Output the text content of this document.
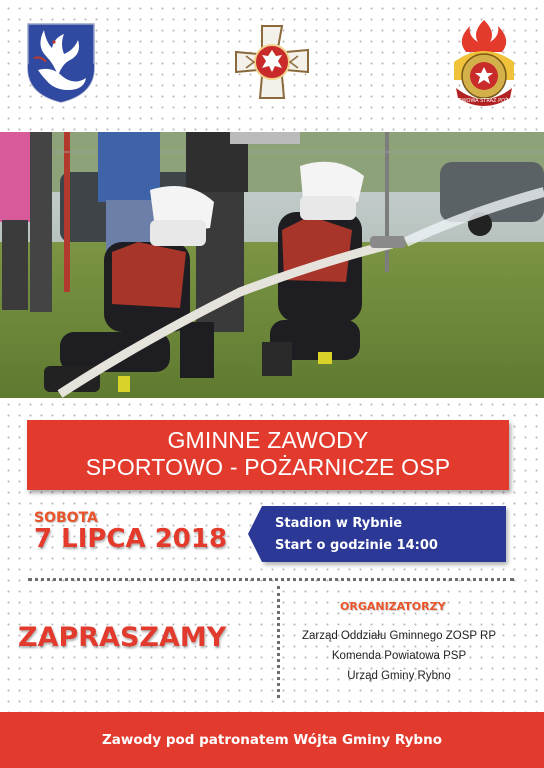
PAŃSTWOWA STRAŻ POŻARNA
GMINNE ZAWODY
SPORTOWO - POŻARNICZE OSP
SOBOTA
7 LIPCA 2018
Stadion w Rybnie
Start o godzinie 14:00
ZAPRASZAMY
ORGANIZATORZY
Zarząd Oddziału Gminnego ZOSP RP
Komenda Powiatowa PSP
Urząd Gminy Rybno
Zawody pod patronatem Wójta Gminy Rybno
